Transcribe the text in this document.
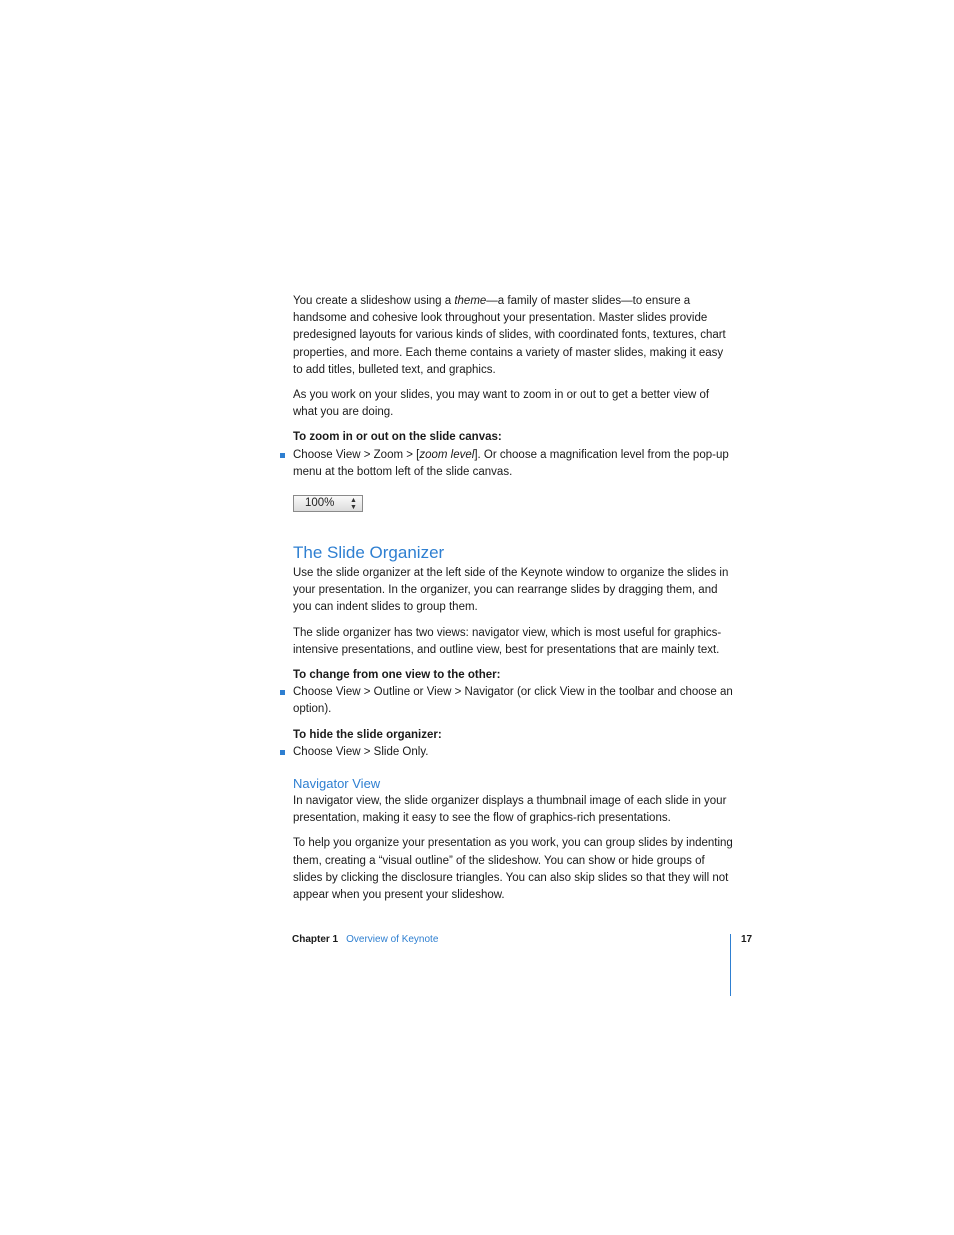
You create a slideshow using a theme—a family of master slides—to ensure a handsome and cohesive look throughout your presentation. Master slides provide predesigned layouts for various kinds of slides, with coordinated fonts, textures, chart properties, and more. Each theme contains a variety of master slides, making it easy to add titles, bulleted text, and graphics.

As you work on your slides, you may want to zoom in or out to get a better view of what you are doing.

To zoom in or out on the slide canvas:

Choose View > Zoom > [zoom level]. Or choose a magnification level from the pop-up menu at the bottom left of the slide canvas.

100% ▲▼
The Slide Organizer

Use the slide organizer at the left side of the Keynote window to organize the slides in your presentation. In the organizer, you can rearrange slides by dragging them, and you can indent slides to group them.

The slide organizer has two views: navigator view, which is most useful for graphics-intensive presentations, and outline view, best for presentations that are mainly text.

To change from one view to the other:

Choose View > Outline or View > Navigator (or click View in the toolbar and choose an option).

To hide the slide organizer:

Choose View > Slide Only.

Navigator View

In navigator view, the slide organizer displays a thumbnail image of each slide in your presentation, making it easy to see the flow of graphics-rich presentations.

To help you organize your presentation as you work, you can group slides by indenting them, creating a “visual outline” of the slideshow. You can show or hide groups of slides by clicking the disclosure triangles. You can also skip slides so that they will not appear when you present your slideshow.

Chapter 1 Overview of Keynote	17
